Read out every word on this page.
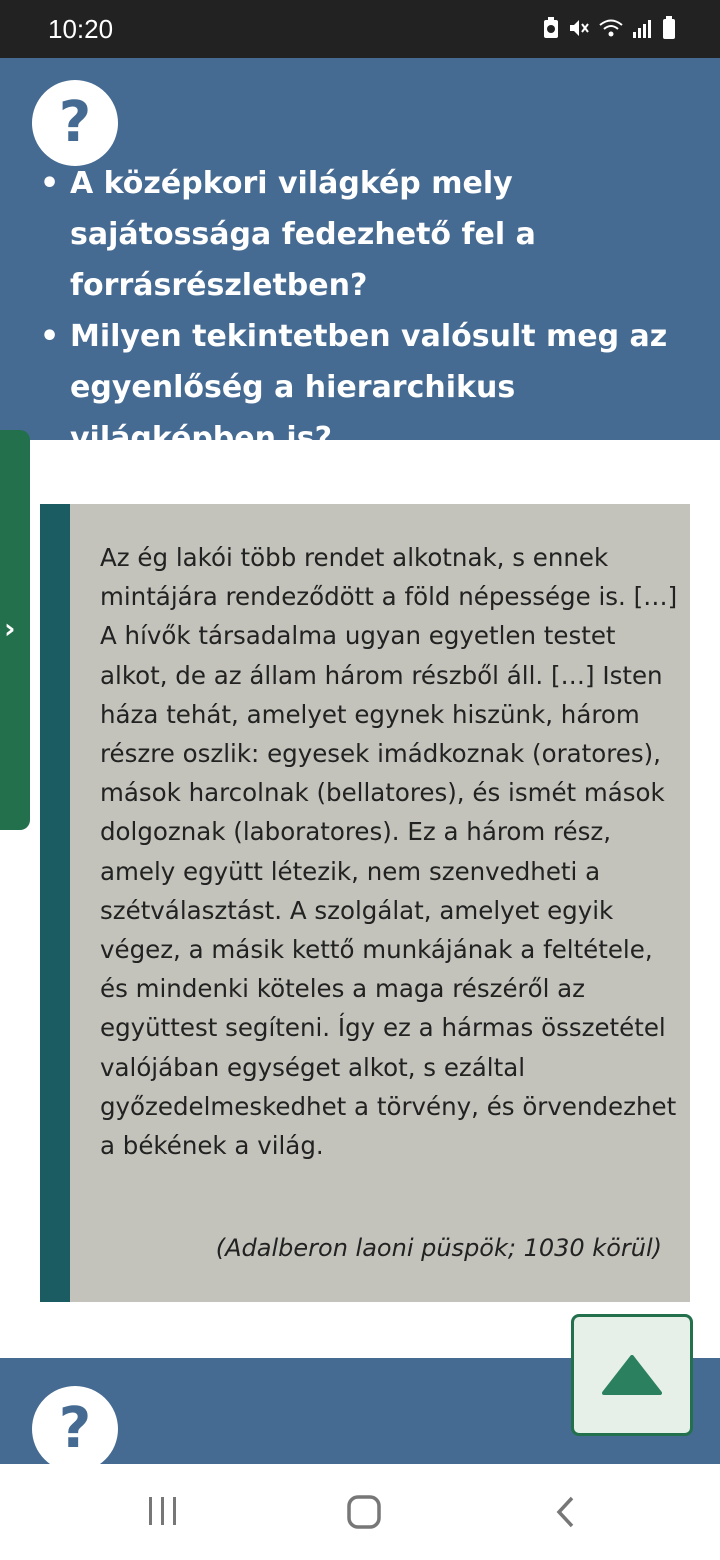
10:20
?
• A középkori világkép mely sajátossága fedezhető fel a forrásrészletben?
• Milyen tekintetben valósult meg az egyenlőség a hierarchikus világképben is?
›

Az ég lakói több rendet alkotnak, s ennek mintájára rendeződött a föld népessége is. […] A hívők társadalma ugyan egyetlen testet alkot, de az állam három részből áll. […] Isten háza tehát, amelyet egynek hiszünk, három részre oszlik: egyesek imádkoznak (oratores), mások harcolnak (bellatores), és ismét mások dolgoznak (laboratores). Ez a három rész, amely együtt létezik, nem szenvedheti a szétválasztást. A szolgálat, amelyet egyik végez, a másik kettő munkájának a feltétele, és mindenki köteles a maga részéről az együttest segíteni. Így ez a hármas összetétel valójában egységet alkot, s ezáltal győzedelmeskedhet a törvény, és örvendezhet a békének a világ.

(Adalberon laoni püspök; 1030 körül)
?
